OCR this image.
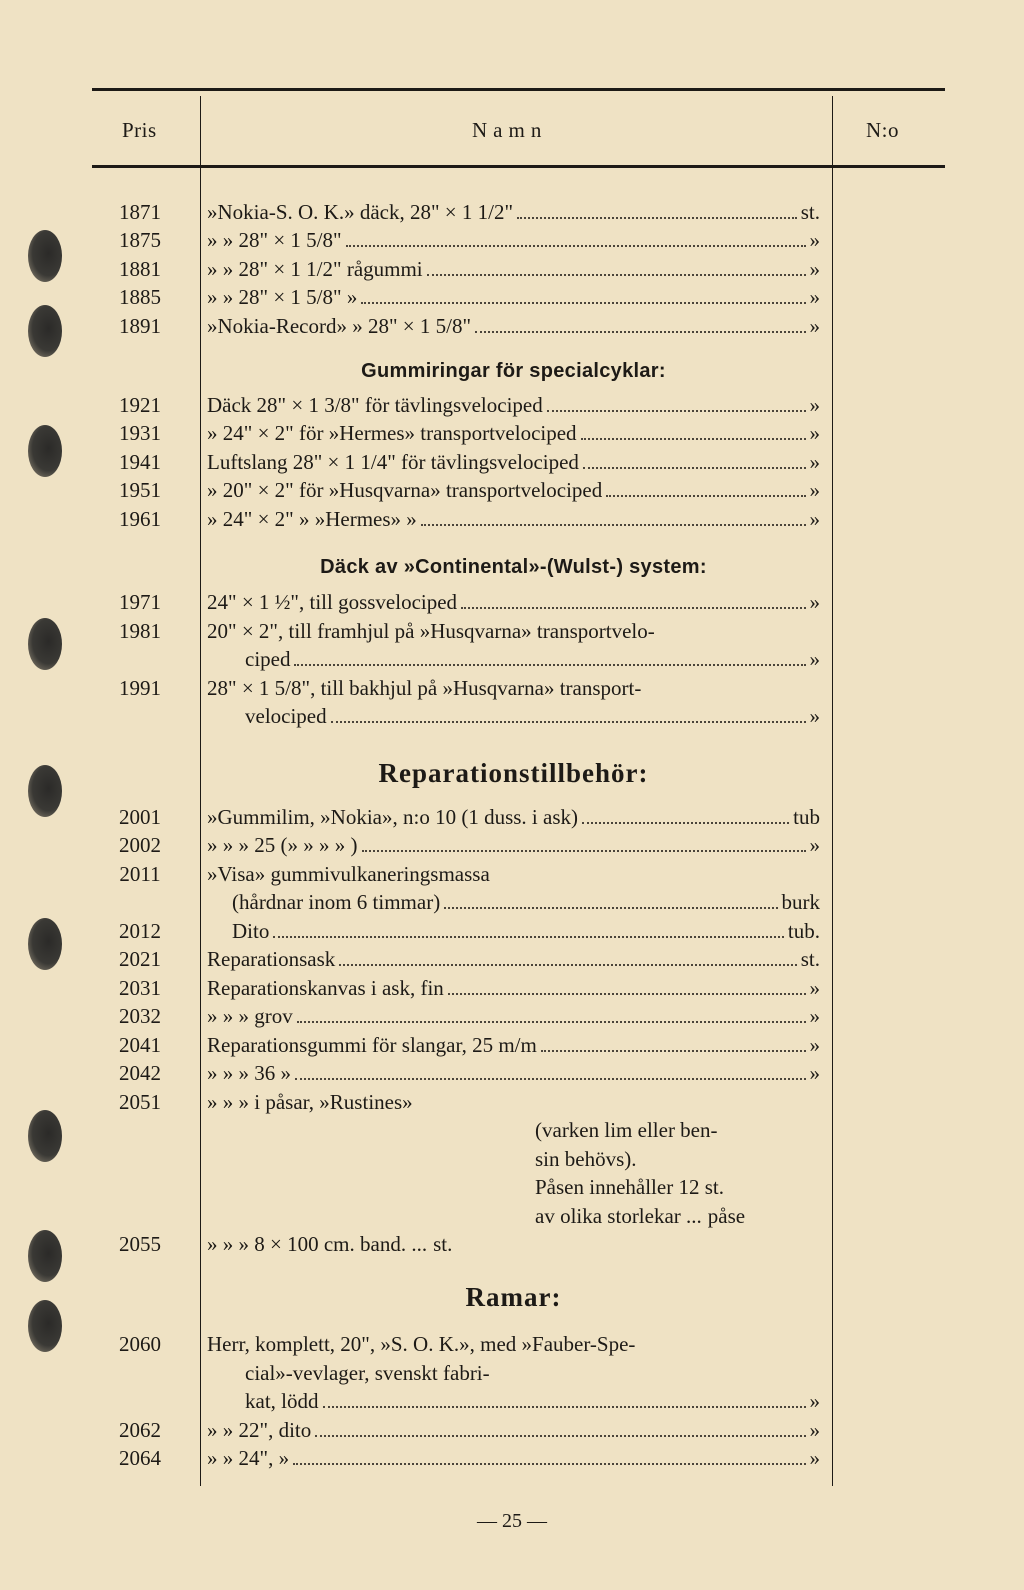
Pris	Namn	N:o
1871	»Nokia-S. O. K.» däck, 28" × 1 1/2"	st.
1875	» » 28" × 1 5/8"	»
1881	» » 28" × 1 1/2" rågummi	»
1885	» » 28" × 1 5/8" »	»
1891	»Nokia-Record» » 28" × 1 5/8"	»
Gummiringar för specialcyklar:
1921	Däck 28" × 1 3/8" för tävlingsvelociped	»
1931	» 24" × 2" för »Hermes» transportvelociped	»
1941	Luftslang 28" × 1 1/4" för tävlingsvelociped	»
1951	» 20" × 2" för »Husqvarna» transportvelociped	»
1961	» 24" × 2" » »Hermes» »	»
Däck av »Continental»-(Wulst-) system:
1971	24" × 1 ½", till gossvelociped	»
1981	20" × 2", till framhjul på »Husqvarna» transportvelo-
ciped	»
1991	28" × 1 5/8", till bakhjul på »Husqvarna» transport-
velociped	»
Reparationstillbehör:
2001	»Gummilim, »Nokia», n:o 10 (1 duss. i ask)	tub
2002	» » » 25 (» » » » )	»
2011	»Visa» gummivulkaneringsmassa
(hårdnar inom 6 timmar)	burk
2012	Dito	tub.
2021	Reparationsask	st.
2031	Reparationskanvas i ask, fin	»
2032	» » » grov	»
2041	Reparationsgummi för slangar, 25 m/m	»
2042	» » » 36 »	»
2051	» » » i påsar, »Rustines»
(varken lim eller ben-
sin behövs).
Påsen innehåller 12 st.
av olika storlekar ... påse
2055	» » » 8 × 100 cm. band. ... st.
Ramar:
2060	Herr, komplett, 20", »S. O. K.», med »Fauber-Spe-
cial»-vevlager, svenskt fabri-
kat, lödd	»
2062	» » 22", dito	»
2064	» » 24", »	»
— 25 —
